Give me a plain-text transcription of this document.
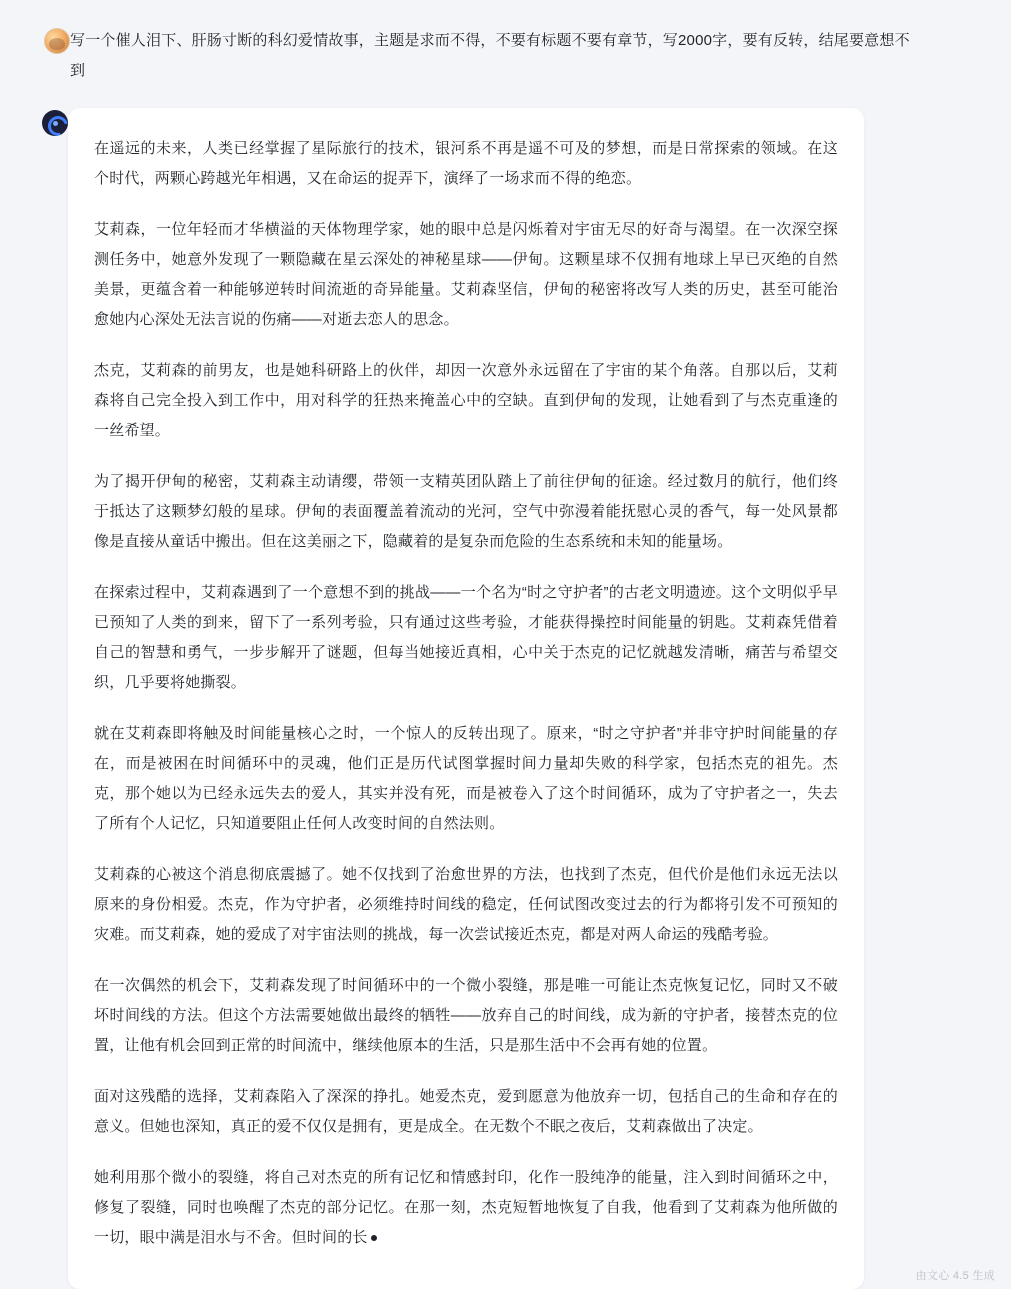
写一个催人泪下、肝肠寸断的科幻爱情故事，主题是求而不得，不要有标题不要有章节，写2000字，要有反转，结尾要意想不到

在遥远的未来，人类已经掌握了星际旅行的技术，银河系不再是遥不可及的梦想，而是日常探索的领域。在这个时代，两颗心跨越光年相遇，又在命运的捉弄下，演绎了一场求而不得的绝恋。

艾莉森，一位年轻而才华横溢的天体物理学家，她的眼中总是闪烁着对宇宙无尽的好奇与渴望。在一次深空探测任务中，她意外发现了一颗隐藏在星云深处的神秘星球——伊甸。这颗星球不仅拥有地球上早已灭绝的自然美景，更蕴含着一种能够逆转时间流逝的奇异能量。艾莉森坚信，伊甸的秘密将改写人类的历史，甚至可能治愈她内心深处无法言说的伤痛——对逝去恋人的思念。

杰克，艾莉森的前男友，也是她科研路上的伙伴，却因一次意外永远留在了宇宙的某个角落。自那以后，艾莉森将自己完全投入到工作中，用对科学的狂热来掩盖心中的空缺。直到伊甸的发现，让她看到了与杰克重逢的一丝希望。

为了揭开伊甸的秘密，艾莉森主动请缨，带领一支精英团队踏上了前往伊甸的征途。经过数月的航行，他们终于抵达了这颗梦幻般的星球。伊甸的表面覆盖着流动的光河，空气中弥漫着能抚慰心灵的香气，每一处风景都像是直接从童话中搬出。但在这美丽之下，隐藏着的是复杂而危险的生态系统和未知的能量场。

在探索过程中，艾莉森遇到了一个意想不到的挑战——一个名为“时之守护者”的古老文明遗迹。这个文明似乎早已预知了人类的到来，留下了一系列考验，只有通过这些考验，才能获得操控时间能量的钥匙。艾莉森凭借着自己的智慧和勇气，一步步解开了谜题，但每当她接近真相，心中关于杰克的记忆就越发清晰，痛苦与希望交织，几乎要将她撕裂。

就在艾莉森即将触及时间能量核心之时，一个惊人的反转出现了。原来，“时之守护者”并非守护时间能量的存在，而是被困在时间循环中的灵魂，他们正是历代试图掌握时间力量却失败的科学家，包括杰克的祖先。杰克，那个她以为已经永远失去的爱人，其实并没有死，而是被卷入了这个时间循环，成为了守护者之一，失去了所有个人记忆，只知道要阻止任何人改变时间的自然法则。

艾莉森的心被这个消息彻底震撼了。她不仅找到了治愈世界的方法，也找到了杰克，但代价是他们永远无法以原来的身份相爱。杰克，作为守护者，必须维持时间线的稳定，任何试图改变过去的行为都将引发不可预知的灾难。而艾莉森，她的爱成了对宇宙法则的挑战，每一次尝试接近杰克，都是对两人命运的残酷考验。

在一次偶然的机会下，艾莉森发现了时间循环中的一个微小裂缝，那是唯一可能让杰克恢复记忆，同时又不破坏时间线的方法。但这个方法需要她做出最终的牺牲——放弃自己的时间线，成为新的守护者，接替杰克的位置，让他有机会回到正常的时间流中，继续他原本的生活，只是那生活中不会再有她的位置。

面对这残酷的选择，艾莉森陷入了深深的挣扎。她爱杰克，爱到愿意为他放弃一切，包括自己的生命和存在的意义。但她也深知，真正的爱不仅仅是拥有，更是成全。在无数个不眠之夜后，艾莉森做出了决定。

她利用那个微小的裂缝，将自己对杰克的所有记忆和情感封印，化作一股纯净的能量，注入到时间循环之中，修复了裂缝，同时也唤醒了杰克的部分记忆。在那一刻，杰克短暂地恢复了自我，他看到了艾莉森为他所做的一切，眼中满是泪水与不舍。但时间的长

由文心 4.5 生成
